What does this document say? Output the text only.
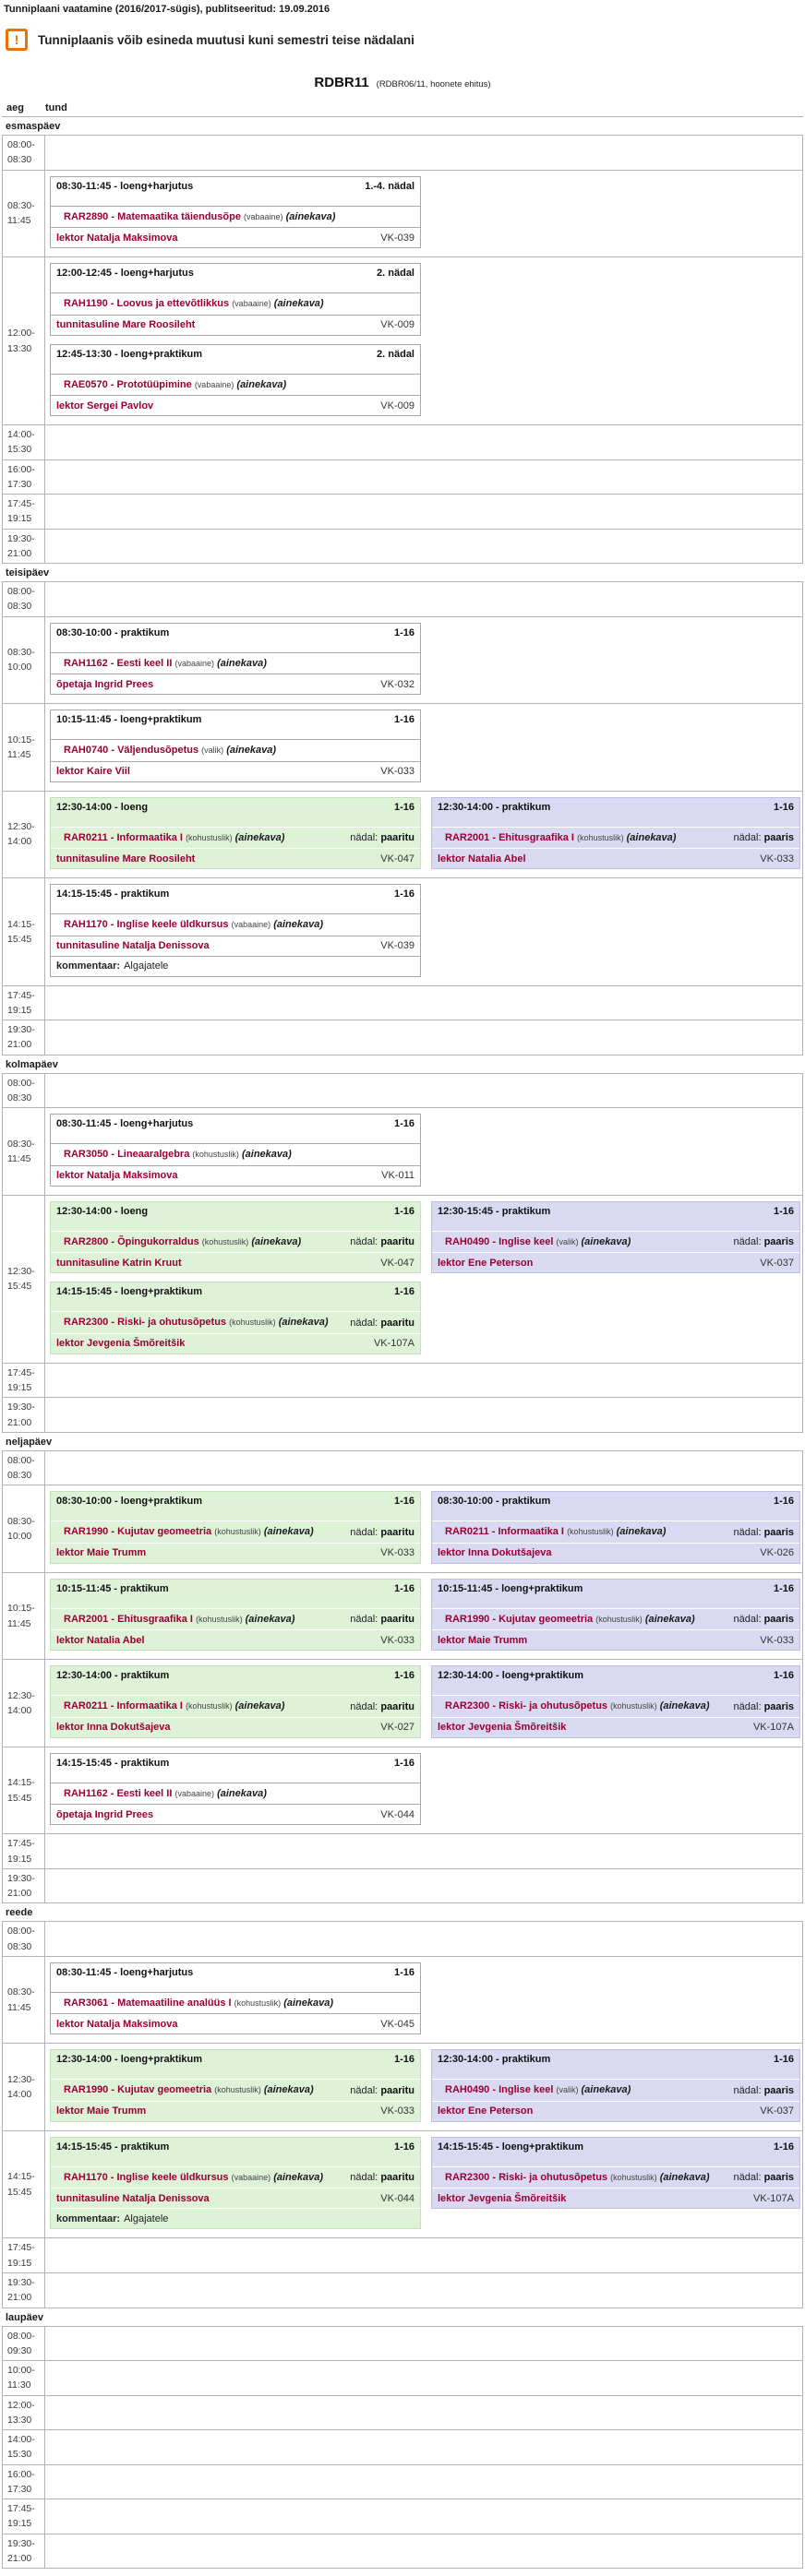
Tunniplaani vaatamine (2016/2017-sügis), publitseeritud: 19.09.2016
!	Tunniplaanis võib esineda muutusi kuni semestri teise nädalani
RDBR11 (RDBR06/11, hoonete ehitus)
aeg	tund
esmaspäev
08:00-
08:30
08:30-
11:45
08:30-11:45 - loeng+harjutus	1.-4. nädal
RAR2890 - Matemaatika täiendusõpe (vabaaine) (ainekava)
lektor Natalja Maksimova	VK-039
12:00-
13:30
12:00-12:45 - loeng+harjutus	2. nädal
RAH1190 - Loovus ja ettevõtlikkus (vabaaine) (ainekava)
tunnitasuline Mare Roosileht	VK-009
12:45-13:30 - loeng+praktikum	2. nädal
RAE0570 - Prototüüpimine (vabaaine) (ainekava)
lektor Sergei Pavlov	VK-009
14:00-
15:30
16:00-
17:30
17:45-
19:15
19:30-
21:00
teisipäev
08:00-
08:30
08:30-
10:00
08:30-10:00 - praktikum	1-16
RAH1162 - Eesti keel II (vabaaine) (ainekava)
õpetaja Ingrid Prees	VK-032
10:15-
11:45
10:15-11:45 - loeng+praktikum	1-16
RAH0740 - Väljendusõpetus (valik) (ainekava)
lektor Kaire Viil	VK-033
12:30-
14:00
12:30-14:00 - loeng	1-16
RAR0211 - Informaatika I (kohustuslik) (ainekava)	nädal: paaritu
tunnitasuline Mare Roosileht	VK-047
12:30-14:00 - praktikum	1-16
RAR2001 - Ehitusgraafika I (kohustuslik) (ainekava)	nädal: paaris
lektor Natalia Abel	VK-033
14:15-
15:45
14:15-15:45 - praktikum	1-16
RAH1170 - Inglise keele üldkursus (vabaaine) (ainekava)
tunnitasuline Natalja Denissova	VK-039
kommentaar: Algajatele
17:45-
19:15
19:30-
21:00
kolmapäev
08:00-
08:30
08:30-
11:45
08:30-11:45 - loeng+harjutus	1-16
RAR3050 - Lineaaralgebra (kohustuslik) (ainekava)
lektor Natalja Maksimova	VK-011
12:30-
15:45
12:30-14:00 - loeng	1-16
RAR2800 - Õpingukorraldus (kohustuslik) (ainekava)	nädal: paaritu
tunnitasuline Katrin Kruut	VK-047
14:15-15:45 - loeng+praktikum	1-16
RAR2300 - Riski- ja ohutusõpetus (kohustuslik) (ainekava)	nädal: paaritu
lektor Jevgenia Šmõreitšik	VK-107A
12:30-15:45 - praktikum	1-16
RAH0490 - Inglise keel (valik) (ainekava)	nädal: paaris
lektor Ene Peterson	VK-037
17:45-
19:15
19:30-
21:00
neljapäev
08:00-
08:30
08:30-
10:00
08:30-10:00 - loeng+praktikum	1-16
RAR1990 - Kujutav geomeetria (kohustuslik) (ainekava)	nädal: paaritu
lektor Maie Trumm	VK-033
08:30-10:00 - praktikum	1-16
RAR0211 - Informaatika I (kohustuslik) (ainekava)	nädal: paaris
lektor Inna Dokutšajeva	VK-026
10:15-
11:45
10:15-11:45 - praktikum	1-16
RAR2001 - Ehitusgraafika I (kohustuslik) (ainekava)	nädal: paaritu
lektor Natalia Abel	VK-033
10:15-11:45 - loeng+praktikum	1-16
RAR1990 - Kujutav geomeetria (kohustuslik) (ainekava)	nädal: paaris
lektor Maie Trumm	VK-033
12:30-
14:00
12:30-14:00 - praktikum	1-16
RAR0211 - Informaatika I (kohustuslik) (ainekava)	nädal: paaritu
lektor Inna Dokutšajeva	VK-027
12:30-14:00 - loeng+praktikum	1-16
RAR2300 - Riski- ja ohutusõpetus (kohustuslik) (ainekava)	nädal: paaris
lektor Jevgenia Šmõreitšik	VK-107A
14:15-
15:45
14:15-15:45 - praktikum	1-16
RAH1162 - Eesti keel II (vabaaine) (ainekava)
õpetaja Ingrid Prees	VK-044
17:45-
19:15
19:30-
21:00
reede
08:00-
08:30
08:30-
11:45
08:30-11:45 - loeng+harjutus	1-16
RAR3061 - Matemaatiline analüüs I (kohustuslik) (ainekava)
lektor Natalja Maksimova	VK-045
12:30-
14:00
12:30-14:00 - loeng+praktikum	1-16
RAR1990 - Kujutav geomeetria (kohustuslik) (ainekava)	nädal: paaritu
lektor Maie Trumm	VK-033
12:30-14:00 - praktikum	1-16
RAH0490 - Inglise keel (valik) (ainekava)	nädal: paaris
lektor Ene Peterson	VK-037
14:15-
15:45
14:15-15:45 - praktikum	1-16
RAH1170 - Inglise keele üldkursus (vabaaine) (ainekava)	nädal: paaritu
tunnitasuline Natalja Denissova	VK-044
kommentaar: Algajatele
14:15-15:45 - loeng+praktikum	1-16
RAR2300 - Riski- ja ohutusõpetus (kohustuslik) (ainekava)	nädal: paaris
lektor Jevgenia Šmõreitšik	VK-107A
17:45-
19:15
19:30-
21:00
laupäev
08:00-
09:30
10:00-
11:30
12:00-
13:30
14:00-
15:30
16:00-
17:30
17:45-
19:15
19:30-
21:00
